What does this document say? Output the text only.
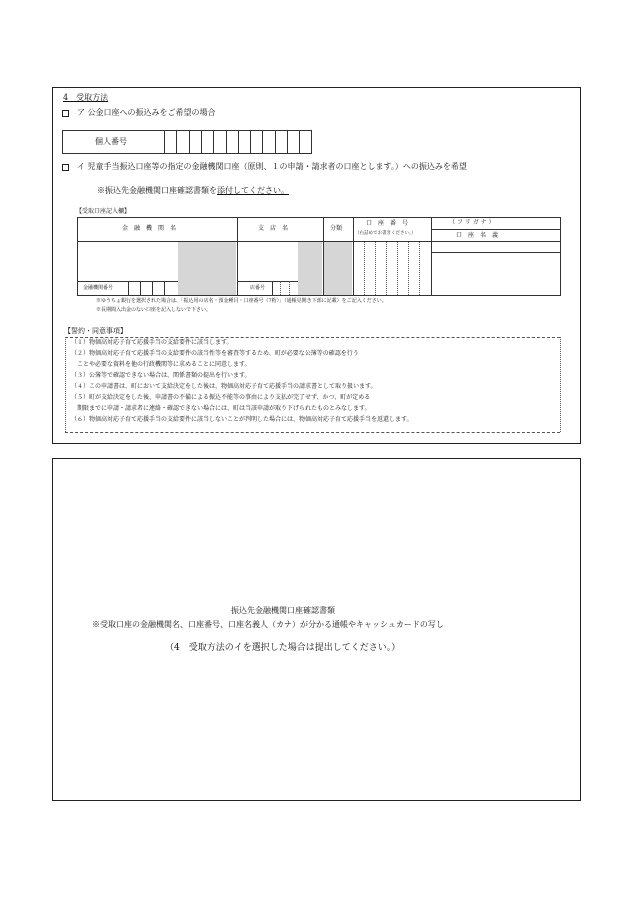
4　受取方法
ア 公金口座への振込みをご希望の場合
個人番号
イ 児童手当振込口座等の指定の金融機関口座（原則、１の申請・請求者の口座とします。）への振込みを希望
※振込先金融機関口座確認書類を添付してください。
【受取口座記入欄】
金　融　機　関　名	支　店　名	分類
口　座　番　号
（右詰めでお書きください。）
（ フ リ ガ ナ ）
口　座　名　義
金融機関番号	店番号
※ゆうちょ銀行を選択された場合は、「振込用の店名・預金種目・口座番号（7桁）」（通帳見開き下部に記載）をご記入ください。
※長期間入出金のない口座を記入しないで下さい。
【誓約・同意事項】
（１）物価高対応子育て応援手当の支給要件に該当します。
（２）物価高対応子育て応援手当の支給要件の該当性等を審査等するため、町が必要な公簿等の確認を行う
　ことや必要な資料を他の行政機関等に求めることに同意します。
（３）公簿等で確認できない場合は、関係書類の提出を行います。
（４）この申請書は、町において支給決定をした後は、物価高対応子育て応援手当の請求書として取り扱います。
（５）町が支給決定をした後、申請書の不備による振込不能等の事由により支払が完了せず、かつ、町が定める
　期限までに申請・請求者に連絡・確認できない場合には、町は当該申請が取り下げられたものとみなします。
（６）物価高対応子育て応援手当の支給要件に該当しないことが判明した場合には、物価高対応子育て応援手当を返還します。
振込先金融機関口座確認書類
※受取口座の金融機関名、口座番号、口座名義人（カナ）が分かる通帳やキャッシュカードの写し
（4　受取方法のイを選択した場合は提出してください。）
